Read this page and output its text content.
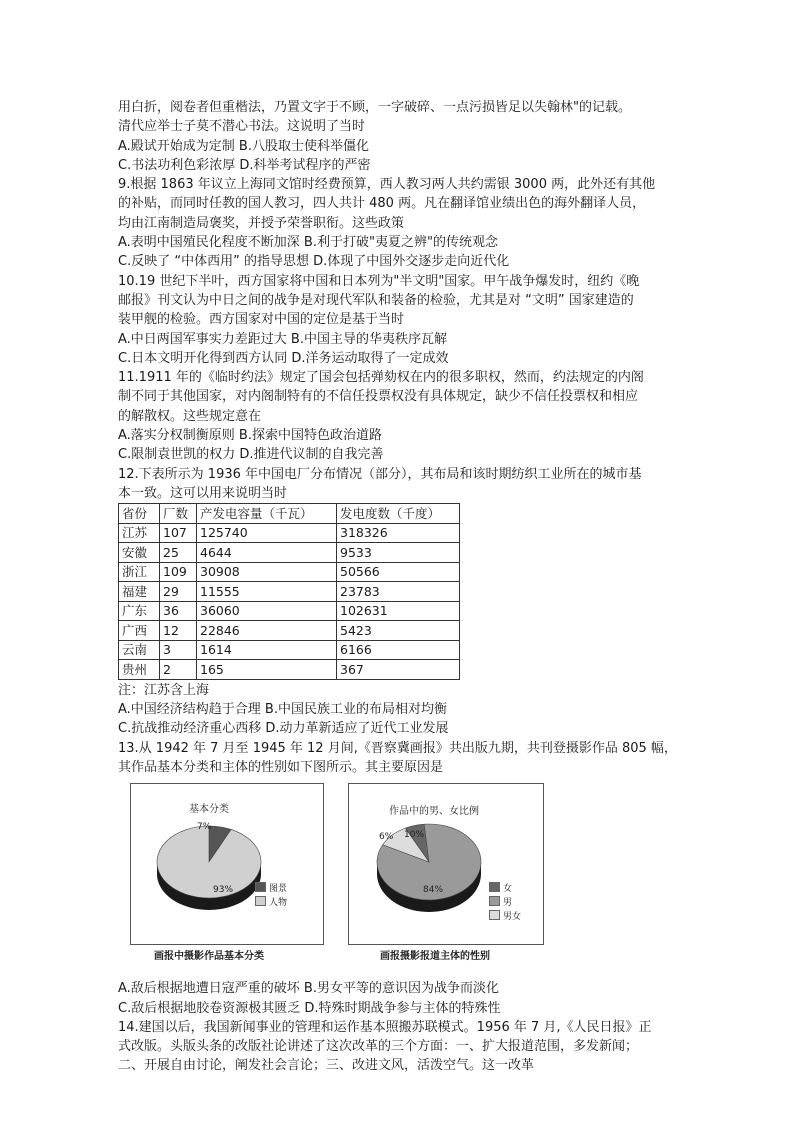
用白折，阅卷者但重楷法，乃置文字于不顾，一字破碎、一点污损皆足以失翰林"的记载。
清代应举士子莫不潜心书法。这说明了当时
A.殿试开始成为定制 B.八股取士使科举僵化
C.书法功利色彩浓厚 D.科举考试程序的严密
9.根据 1863 年议立上海同文馆时经费预算，西人教习两人共约需银 3000 两，此外还有其他
的补贴，而同时任教的国人教习，四人共计 480 两。凡在翻译馆业绩出色的海外翻译人员，
均由江南制造局褒奖，并授予荣誉职衔。这些政策
A.表明中国殖民化程度不断加深 B.利于打破"夷夏之辨"的传统观念
C.反映了 “中体西用” 的指导思想 D.体现了中国外交逐步走向近代化
10.19 世纪下半叶，西方国家将中国和日本列为"半文明"国家。甲午战争爆发时，纽约《晚
邮报》刊文认为中日之间的战争是对现代军队和装备的检验，尤其是对 “文明” 国家建造的
装甲舰的检验。西方国家对中国的定位是基于当时
A.中日两国军事实力差距过大 B.中国主导的华夷秩序瓦解
C.日本文明开化得到西方认同 D.洋务运动取得了一定成效
11.1911 年的《临时约法》规定了国会包括弹劾权在内的很多职权，然而，约法规定的内阁
制不同于其他国家，对内阁制特有的不信任投票权没有具体规定，缺少不信任投票权和相应
的解散权。这些规定意在
A.落实分权制衡原则 B.探索中国特色政治道路
C.限制袁世凯的权力 D.推进代议制的自我完善
12.下表所示为 1936 年中国电厂分布情况（部分），其布局和该时期纺织工业所在的城市基
本一致。这可以用来说明当时
省份	厂数	产发电容量（千瓦）	发电度数（千度）
江苏	107	125740	318326
安徽	25	4644	9533
浙江	109	30908	50566
福建	29	11555	23783
广东	36	36060	102631
广西	12	22846	5423
云南	3	1614	6166
贵州	2	165	367
注：江苏含上海
A.中国经济结构趋于合理 B.中国民族工业的布局相对均衡
C.抗战推动经济重心西移 D.动力革新适应了近代工业发展
13.从 1942 年 7 月至 1945 年 12 月间,《晋察冀画报》共出版九期，共刊登摄影作品 805 幅，
其作品基本分类和主体的性别如下图所示。其主要原因是
基本分类
7%
93%	图景
人物
画报中摄影作品基本分类
作品中的男、女比例
6%
84%
10%
女
男
男女
画报摄影报道主体的性别
A.敌后根据地遭日寇严重的破坏 B.男女平等的意识因为战争而淡化
C.敌后根据地胶卷资源极其匮乏 D.特殊时期战争参与主体的特殊性
14.建国以后，我国新闻事业的管理和运作基本照搬苏联模式。1956 年 7 月,《人民日报》正
式改版。头版头条的改版社论讲述了这次改革的三个方面：一、扩大报道范围，多发新闻；
二、开展自由讨论，阐发社会言论；三、改进文风，活泼空气。这一改革
